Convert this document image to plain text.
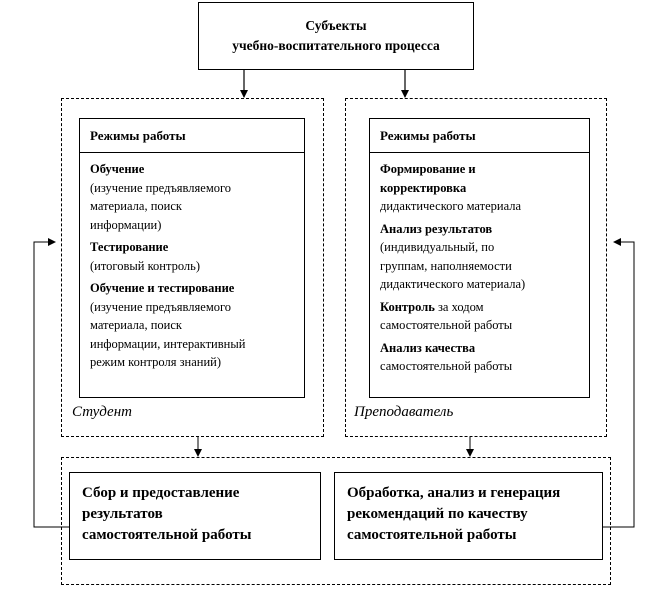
Субъекты
учебно-воспитательного процесса
Режимы работы
Обучение
(изучение предъявляемого
материала, поиск
информации)
Тестирование
(итоговый контроль)
Обучение и тестирование
(изучение предъявляемого
материала, поиск
информации, интерактивный
режим контроля знаний)
Студент
Режимы работы
Формирование и
корректировка
дидактического материала
Анализ результатов
(индивидуальный, по
группам, наполняемости
дидактического материала)
Контроль за ходом
самостоятельной работы
Анализ качества
самостоятельной работы
Преподаватель
Сбор и предоставление
результатов
самостоятельной работы
Обработка, анализ и генерация
рекомендаций по качеству
самостоятельной работы
